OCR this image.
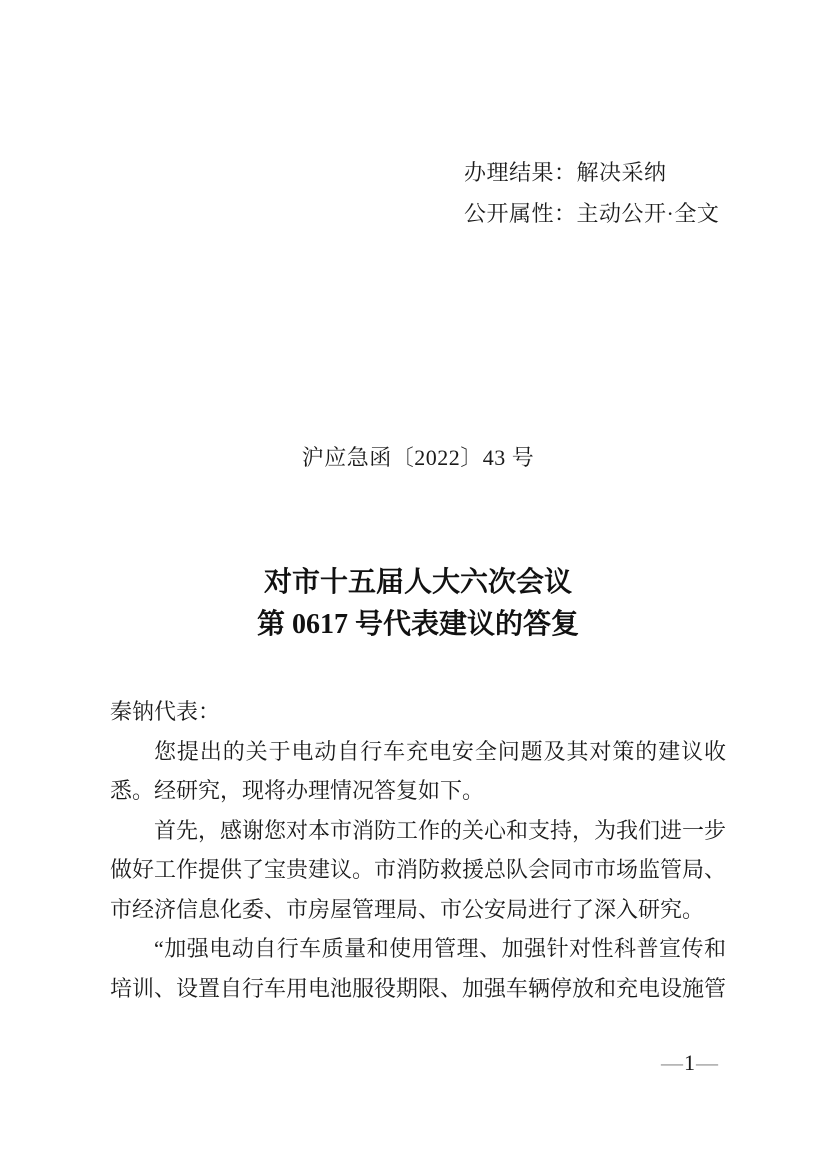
办理结果：解决采纳
公开属性：主动公开·全文
沪应急函〔2022〕43 号
对市十五届人大六次会议
第 0617 号代表建议的答复

秦钠代表：

您提出的关于电动自行车充电安全问题及其对策的建议收悉。经研究，现将办理情况答复如下。

首先，感谢您对本市消防工作的关心和支持，为我们进一步做好工作提供了宝贵建议。市消防救援总队会同市市场监管局、市经济信息化委、市房屋管理局、市公安局进行了深入研究。

“加强电动自行车质量和使用管理、加强针对性科普宣传和培训、设置自行车用电池服役期限、加强车辆停放和充电设施管

—1—
